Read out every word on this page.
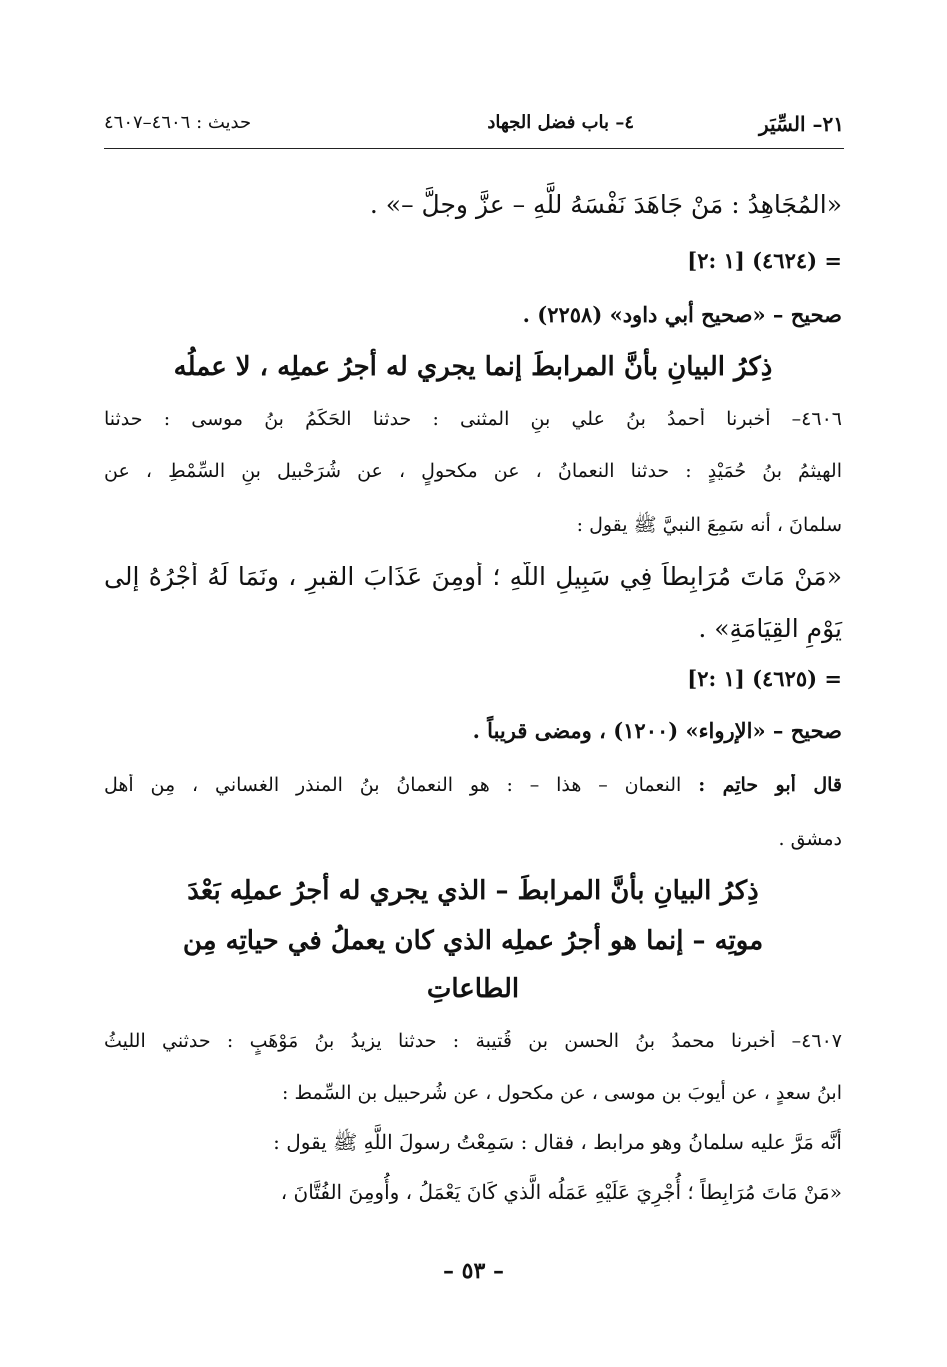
٢١– السِّيَر
٤– باب فضل الجهاد
حديث : ٤٦٠٦–٤٦٠٧
«المُجَاهِدُ : مَنْ جَاهَدَ نَفْسَهُ للَّهِ – عزَّ وجلَّ –» .
= (٤٦٢٤) [١ :٢]
صحيح – «صحيح أبي داود» (٢٢٥٨) .
ذِكرُ البيانِ بأنَّ المرابطَ إنما يجري له أجرُ عملِه ، لا عملُه
٤٦٠٦– أخبرنا أحمدُ بنُ علي بنِ المثنى : حدثنا الحَكَمُ بنُ موسى : حدثنا
الهيثمُ بنُ حُمَيْدٍ : حدثنا النعمانُ ، عن مكحولٍ ، عن شُرَحْبيل بنِ السِّمْطِ ، عن
سلمانَ ، أنه سَمِعَ النبيَّ ﷺ يقول :
«مَنْ مَاتَ مُرَابِطاً فِي سَبِيلِ اللَّهِ ؛ أُومِنَ عَذَابَ القبرِ ، ونَمَا لَهُ أَجْرُهُ إلى
يَوْمِ القِيَامَةِ» .
= (٤٦٢٥) [١ :٢]
صحيح – «الإرواء» (١٢٠٠) ، ومضى قريباً .
قال أبو حاتِم : النعمان – هذا – : هو النعمانُ بنُ المنذر الغساني ، مِن أهل
دمشق .
ذِكرُ البيانِ بأنَّ المرابطَ – الذي يجري له أجرُ عملِه بَعْدَ
موتِه – إنما هو أجرُ عملِه الذي كان يعملُ في حياتِه مِن
الطاعاتِ
٤٦٠٧– أخبرنا محمدُ بنُ الحسن بن قُتيبة : حدثنا يزيدُ بنُ مَوْهَبٍ : حدثني الليثُ
ابنُ سعدٍ ، عن أيوبَ بن موسى ، عن مكحول ، عن شُرحبيل بن السِّمط :
أنَّه مَرَّ عليه سلمانُ وهو مرابط ، فقال : سَمِعْتُ رسولَ اللَّهِ ﷺ يقول :
«مَنْ مَاتَ مُرَابِطاً ؛ أُجْرِيَ عَلَيْهِ عَمَلُه الَّذي كَانَ يَعْمَلُ ، وأُومِنَ الفُتَّانَ ،
– ٥٣ –
